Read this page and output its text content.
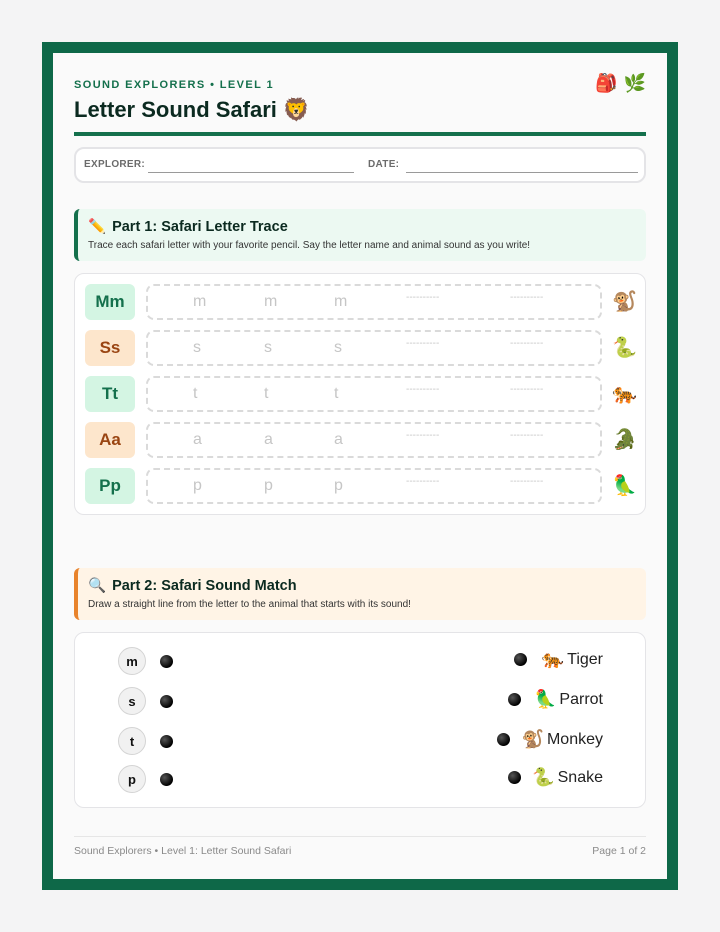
SOUND EXPLORERS • LEVEL 1	🎒 🌿
Letter Sound Safari 🦁
EXPLORER:	DATE:
✏️ Part 1: Safari Letter Trace
Trace each safari letter with your favorite pencil. Say the letter name and animal sound as you write!
Mm	m	m	m	----------	----------	🐒
Ss	s	s	s	----------	----------	🐍
Tt	t	t	t	----------	----------	🐅
Aa	a	a	a	----------	----------	🐊
Pp	p	p	p	----------	----------	🦜
🔍 Part 2: Safari Sound Match
Draw a straight line from the letter to the animal that starts with its sound!
m
s
t
p
🐅 Tiger
🦜 Parrot
🐒 Monkey
🐍 Snake
Sound Explorers • Level 1: Letter Sound Safari	Page 1 of 2
